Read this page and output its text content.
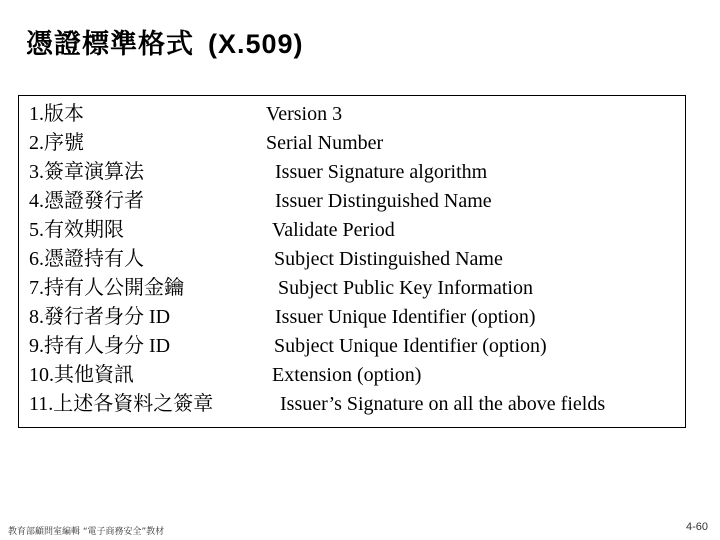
憑證標準格式 (X.509)
1.版本	Version 3
2.序號	Serial Number
3.簽章演算法	Issuer Signature algorithm
4.憑證發行者	Issuer Distinguished Name
5.有效期限	Validate Period
6.憑證持有人	Subject Distinguished Name
7.持有人公開金鑰	Subject Public Key Information
8.發行者身分 ID	Issuer Unique Identifier (option)
9.持有人身分 ID	Subject Unique Identifier (option)
10.其他資訊	Extension (option)
11.上述各資料之簽章	Issuer’s Signature on all the above fields
教育部顧問室編輯 “電子商務安全”教材	4-60
